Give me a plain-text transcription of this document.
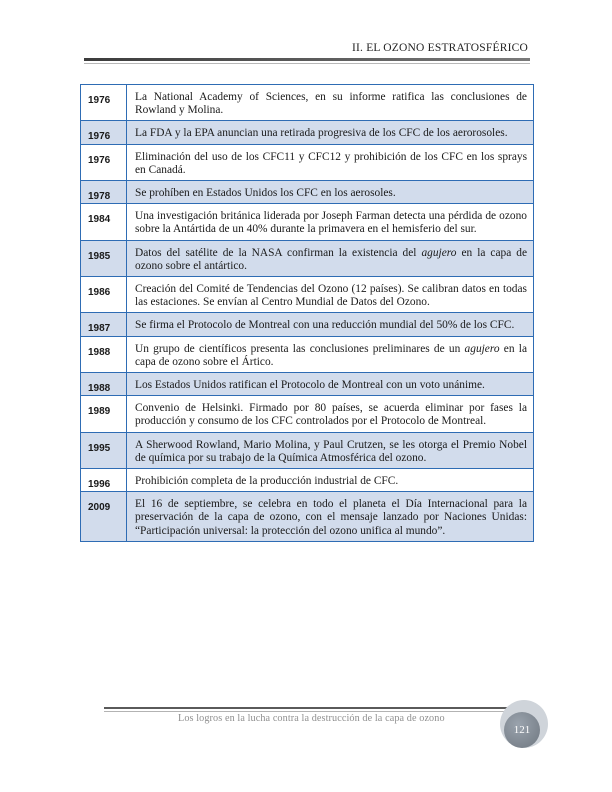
II. EL OZONO ESTRATOSFÉRICO
1976	La National Academy of Sciences, en su informe ratifica las conclusiones de Rowland y Molina.
1976	La FDA y la EPA anuncian una retirada progresiva de los CFC de los aerorosoles.
1976	Eliminación del uso de los CFC11 y CFC12 y prohibición de los CFC en los sprays en Canadá.
1978	Se prohíben en Estados Unidos los CFC en los aerosoles.
1984	Una investigación británica liderada por Joseph Farman detecta una pérdida de ozono sobre la Antártida de un 40% durante la primavera en el hemisferio del sur.
1985	Datos del satélite de la NASA confirman la existencia del agujero en la capa de ozono sobre el antártico.
1986	Creación del Comité de Tendencias del Ozono (12 países). Se calibran datos en todas las estaciones. Se envían al Centro Mundial de Datos del Ozono.
1987	Se firma el Protocolo de Montreal con una reducción mundial del 50% de los CFC.
1988	Un grupo de científicos presenta las conclusiones preliminares de un agujero en la capa de ozono sobre el Ártico.
1988	Los Estados Unidos ratifican el Protocolo de Montreal con un voto unánime.
1989	Convenio de Helsinki. Firmado por 80 países, se acuerda eliminar por fases la producción y consumo de los CFC controlados por el Protocolo de Montreal.
1995	A Sherwood Rowland, Mario Molina, y Paul Crutzen, se les otorga el Premio Nobel de química por su trabajo de la Química Atmosférica del ozono.
1996	Prohibición completa de la producción industrial de CFC.
2009	El 16 de septiembre, se celebra en todo el planeta el Día Internacional para la preservación de la capa de ozono, con el mensaje lanzado por Naciones Unidas: “Participación universal: la protección del ozono unifica al mundo”.
Los logros en la lucha contra la destrucción de la capa de ozono
121
